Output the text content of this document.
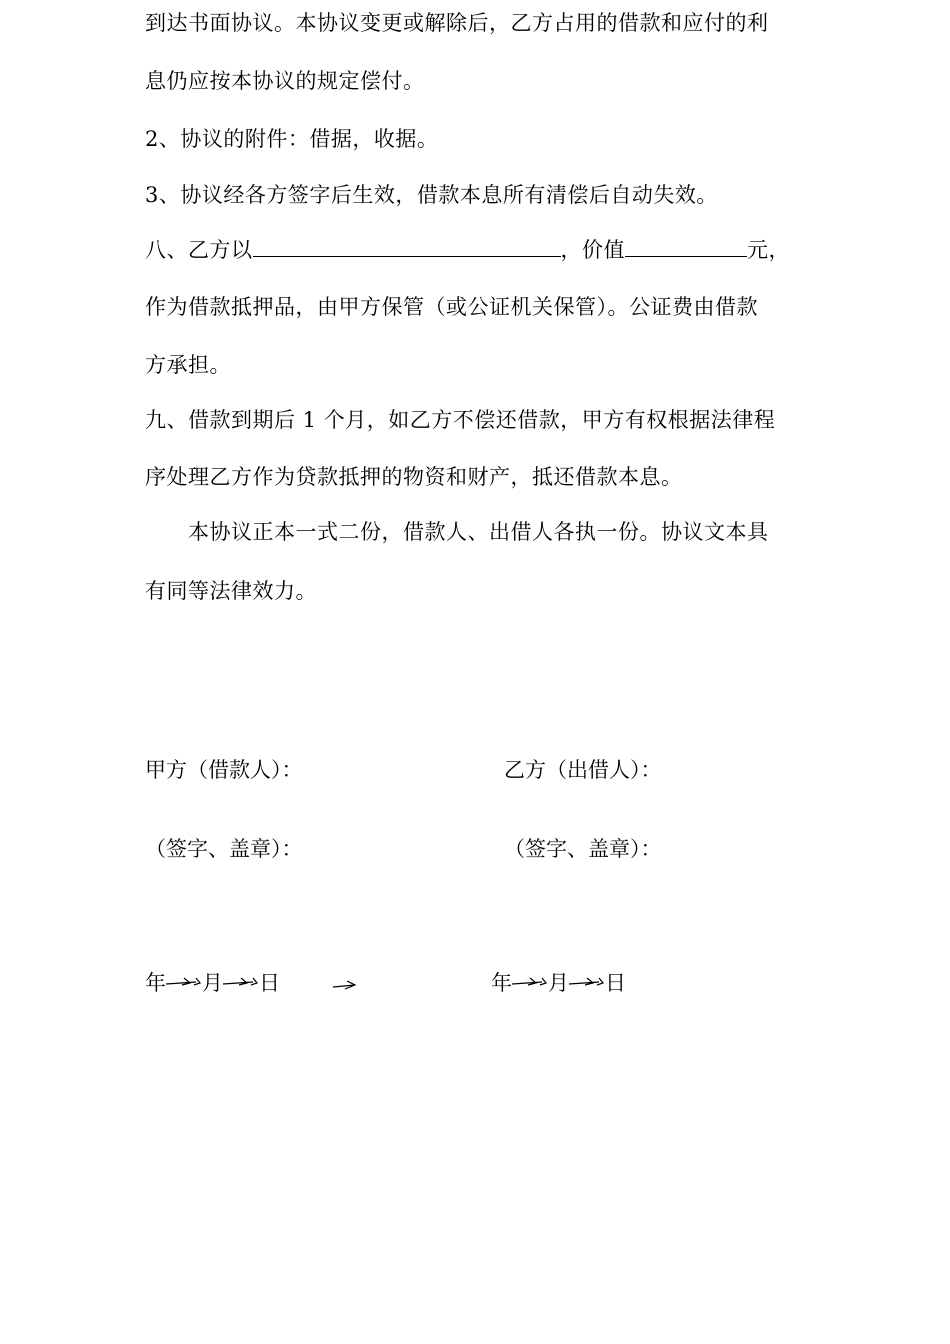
到达书面协议。本协议变更或解除后，乙方占用的借款和应付的利
息仍应按本协议的规定偿付。
2、协议的附件：借据，收据。
3、协议经各方签字后生效，借款本息所有清偿后自动失效。
八、乙方以	，价值	元，
作为借款抵押品，由甲方保管（或公证机关保管）。公证费由借款
方承担。
九、借款到期后 1 个月，如乙方不偿还借款，甲方有权根据法律程
序处理乙方作为贷款抵押的物资和财产，抵还借款本息。
本协议正本一式二份，借款人、出借人各执一份。协议文本具
有同等法律效力。
甲方（借款人）：	乙方（出借人）：
（签字、盖章）：	（签字、盖章）：
年 月 日	年 月 日
